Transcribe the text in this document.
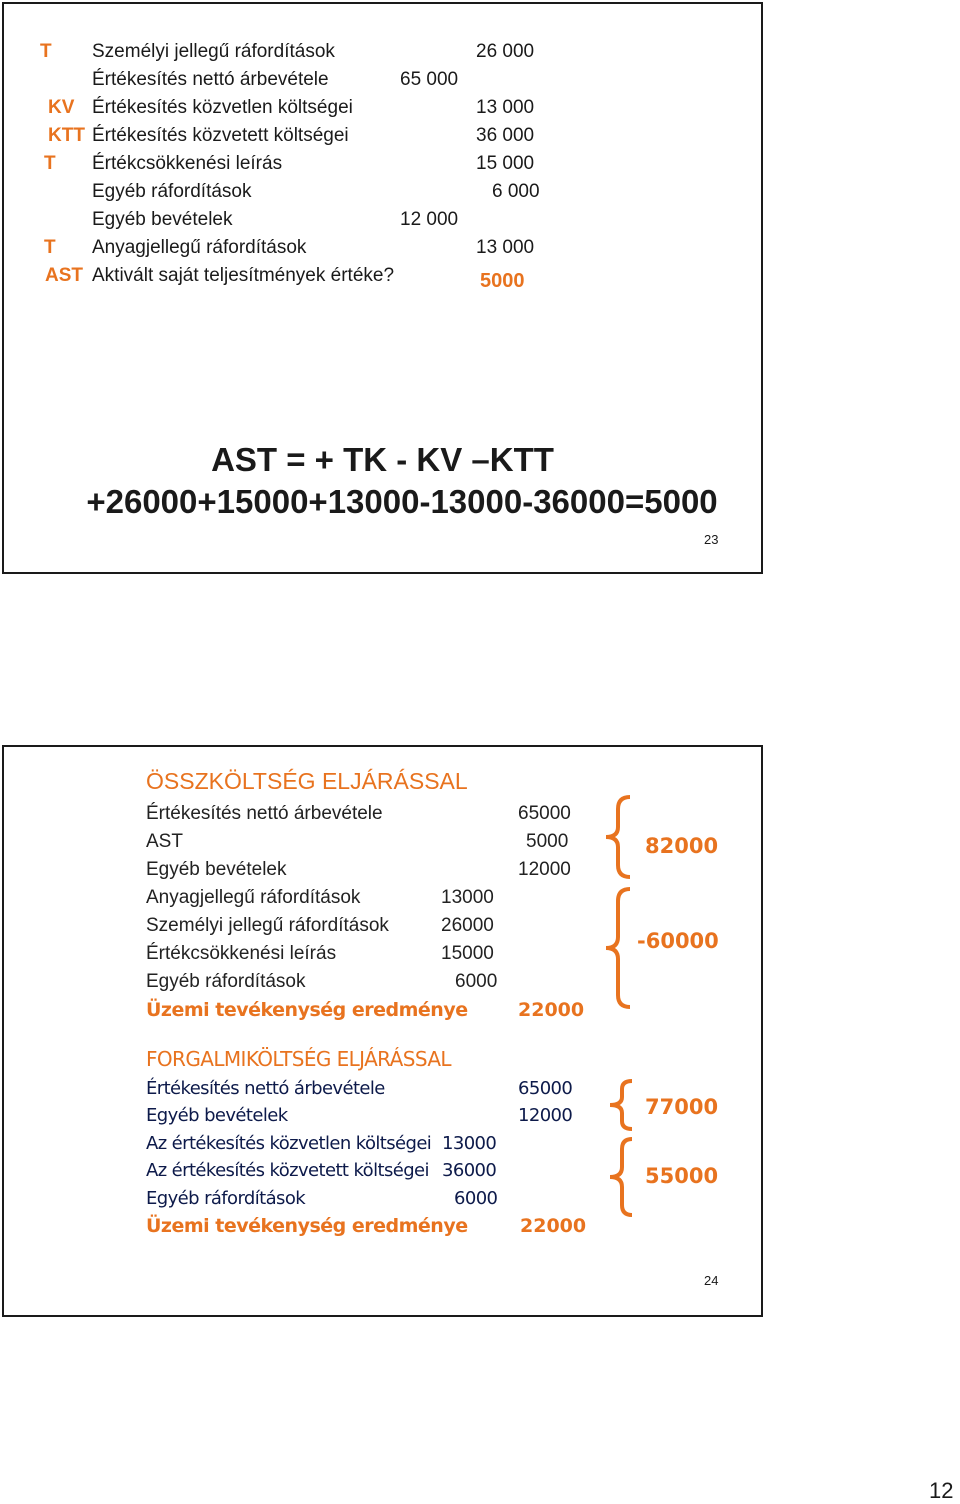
T Személyi jellegű ráfordítások	26 000
Értékesítés nettó árbevétele	65 000
KV Értékesítés közvetlen költségei	13 000
KTT Értékesítés közvetett költségei	36 000
T Értékcsökkenési leírás	15 000
Egyéb ráfordítások	6 000
Egyéb bevételek	12 000
T Anyagjellegű ráfordítások	13 000
AST Aktivált saját teljesítmények értéke?	5000
AST = + TK - KV –KTT
+26000+15000+13000-13000-36000=5000
23
ÖSSZKÖLTSÉG ELJÁRÁSSAL
Értékesítés nettó árbevétele	65000
AST	5000
Egyéb bevételek	12000
Anyagjellegű ráfordítások	13000
Személyi jellegű ráfordítások	26000
Értékcsökkenési leírás	15000
Egyéb ráfordítások	6000
Üzemi tevékenység eredménye	22000
82000
-60000
FORGALMIKÖLTSÉG ELJÁRÁSSAL
Értékesítés nettó árbevétele	65000
Egyéb bevételek	12000
Az értékesítés közvetlen költségei 13000
Az értékesítés közvetett költségei 36000
Egyéb ráfordítások	6000
Üzemi tevékenység eredménye	22000
77000
55000
24
12
